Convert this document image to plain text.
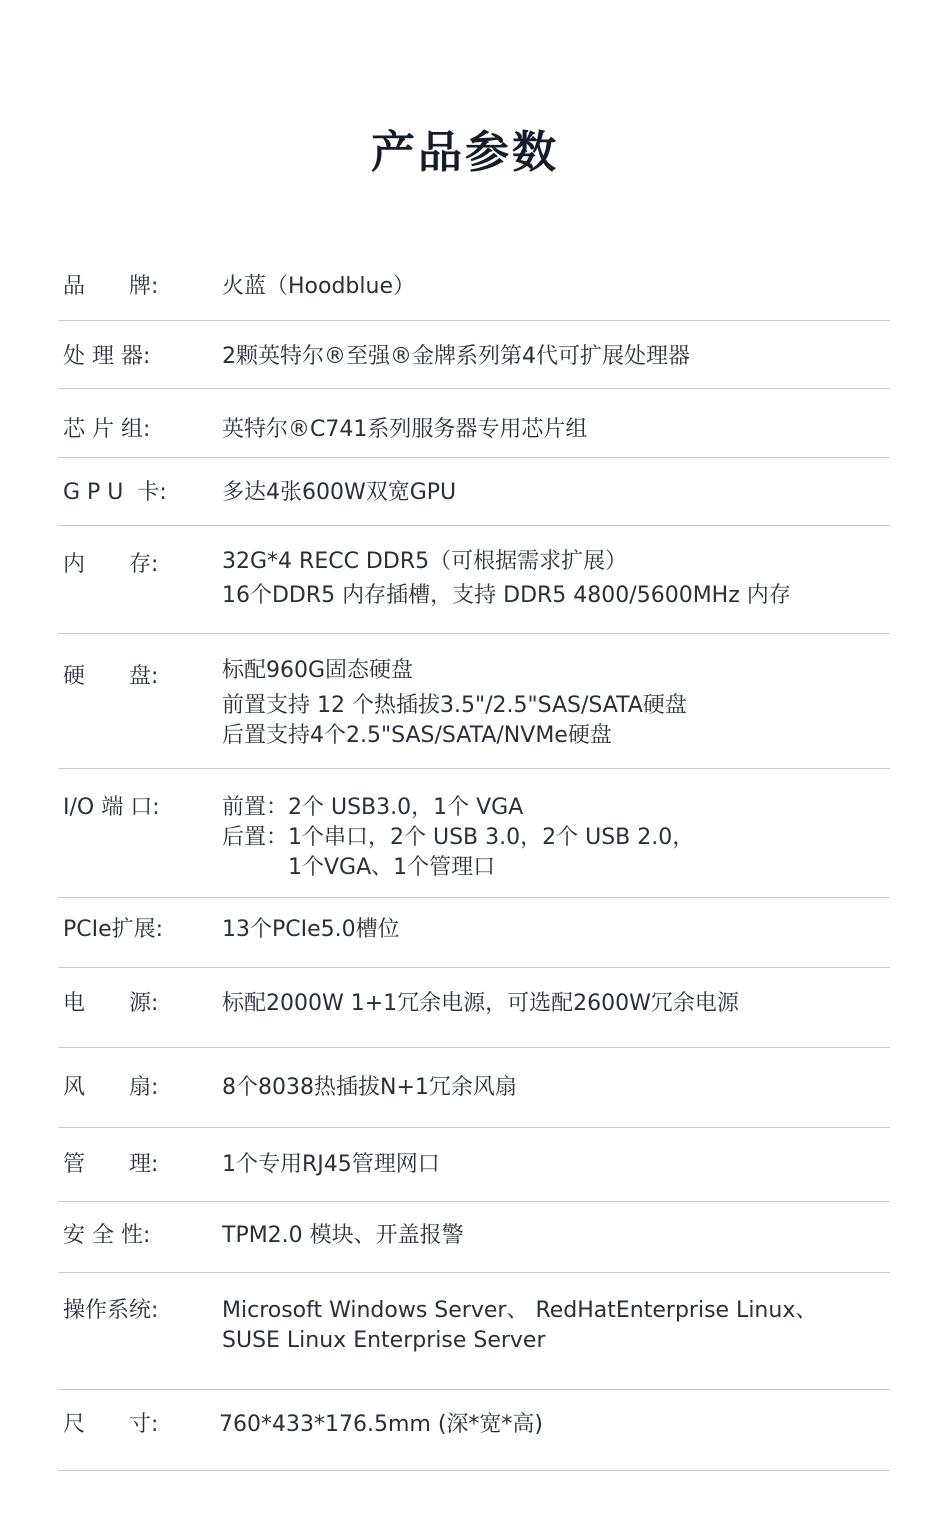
产品参数
品　　牌:	火蓝（Hoodblue）
处 理 器:	2颗英特尔®至强®金牌系列第4代可扩展处理器
芯 片 组:	英特尔®C741系列服务器专用芯片组
G P U  卡:	多达4张600W双宽GPU
内　　存:	32G*4 RECC DDR5（可根据需求扩展）
16个DDR5 内存插槽，支持 DDR5 4800/5600MHz 内存
硬　　盘:	标配960G固态硬盘
前置支持 12 个热插拔3.5"/2.5"SAS/SATA硬盘
后置支持4个2.5"SAS/SATA/NVMe硬盘
I/O 端 口:	前置：2个 USB3.0，1个 VGA
后置：1个串口，2个 USB 3.0，2个 USB 2.0，
　　　1个VGA、1个管理口
PCIe扩展:	13个PCIe5.0槽位
电　　源:	标配2000W 1+1冗余电源，可选配2600W冗余电源
风　　扇:	8个8038热插拔N+1冗余风扇
管　　理:	1个专用RJ45管理网口
安 全 性:	TPM2.0 模块、开盖报警
操作系统:	Microsoft Windows Server、 RedHatEnterprise Linux、
SUSE Linux Enterprise Server
尺　　寸:	760*433*176.5mm (深*宽*高)
